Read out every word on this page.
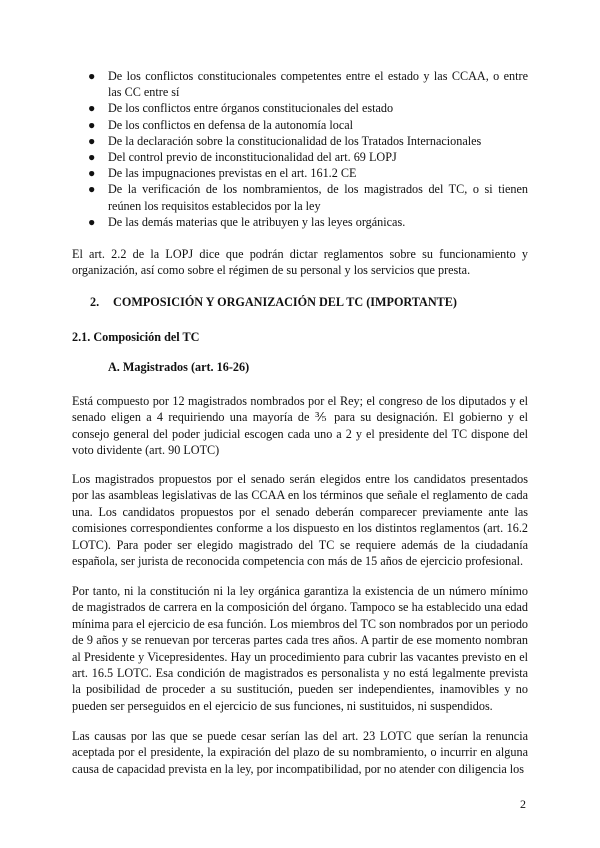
●	De los conflictos constitucionales competentes entre el estado y las CCAA, o entre las CC entre sí
●	De los conflictos entre órganos constitucionales del estado
●	De los conflictos en defensa de la autonomía local
●	De la declaración sobre la constitucionalidad de los Tratados Internacionales
●	Del control previo de inconstitucionalidad del art. 69 LOPJ
●	De las impugnaciones previstas en el art. 161.2 CE
●	De la verificación de los nombramientos, de los magistrados del TC, o si tienen reúnen los requisitos establecidos por la ley
●	De las demás materias que le atribuyen y las leyes orgánicas.

El art. 2.2 de la LOPJ dice que podrán dictar reglamentos sobre su funcionamiento y organización, así como sobre el régimen de su personal y los servicios que presta.

2. COMPOSICIÓN Y ORGANIZACIÓN DEL TC (IMPORTANTE)
2.1. Composición del TC
A. Magistrados (art. 16-26)

Está compuesto por 12 magistrados nombrados por el Rey; el congreso de los diputados y el senado eligen a 4 requiriendo una mayoría de ⅗ para su designación. El gobierno y el consejo general del poder judicial escogen cada uno a 2 y el presidente del TC dispone del voto dividente (art. 90 LOTC)

Los magistrados propuestos por el senado serán elegidos entre los candidatos presentados por las asambleas legislativas de las CCAA en los términos que señale el reglamento de cada una. Los candidatos propuestos por el senado deberán comparecer previamente ante las comisiones correspondientes conforme a los dispuesto en los distintos reglamentos (art. 16.2 LOTC). Para poder ser elegido magistrado del TC se requiere además de la ciudadanía española, ser jurista de reconocida competencia con más de 15 años de ejercicio profesional.

Por tanto, ni la constitución ni la ley orgánica garantiza la existencia de un número mínimo de magistrados de carrera en la composición del órgano. Tampoco se ha establecido una edad mínima para el ejercicio de esa función. Los miembros del TC son nombrados por un periodo de 9 años y se renuevan por terceras partes cada tres años. A partir de ese momento nombran al Presidente y Vicepresidentes. Hay un procedimiento para cubrir las vacantes previsto en el art. 16.5 LOTC. Esa condición de magistrados es personalista y no está legalmente prevista la posibilidad de proceder a su sustitución, pueden ser independientes, inamovibles y no pueden ser perseguidos en el ejercicio de sus funciones, ni sustituidos, ni suspendidos.

Las causas por las que se puede cesar serían las del art. 23 LOTC que serían la renuncia aceptada por el presidente, la expiración del plazo de su nombramiento, o incurrir en alguna causa de capacidad prevista en la ley, por incompatibilidad, por no atender con diligencia los

2
